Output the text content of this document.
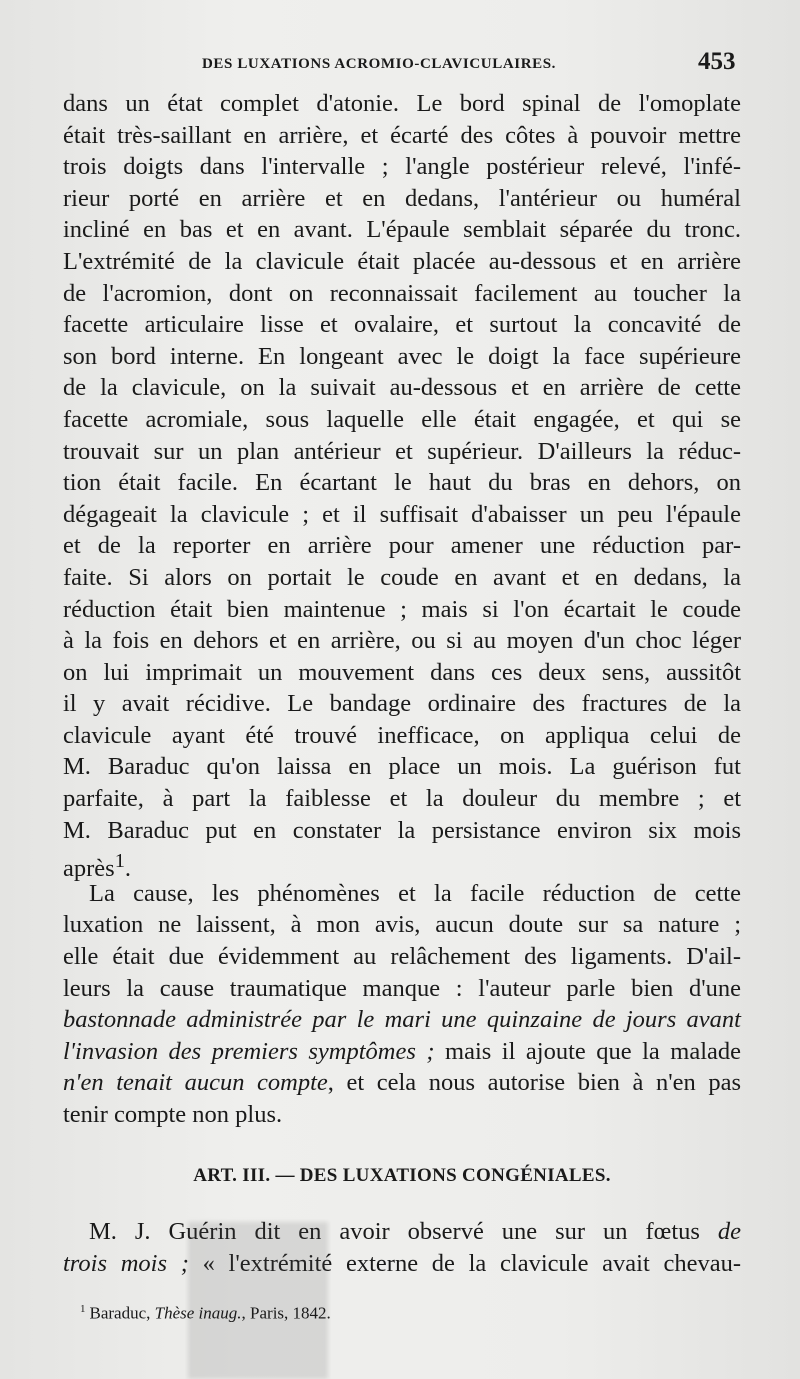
DES LUXATIONS ACROMIO-CLAVICULAIRES.	453
dans un état complet d'atonie. Le bord spinal de l'omoplate
était très-saillant en arrière, et écarté des côtes à pouvoir mettre
trois doigts dans l'intervalle ; l'angle postérieur relevé, l'infé-
rieur porté en arrière et en dedans, l'antérieur ou huméral
incliné en bas et en avant. L'épaule semblait séparée du tronc.
L'extrémité de la clavicule était placée au-dessous et en arrière
de l'acromion, dont on reconnaissait facilement au toucher la
facette articulaire lisse et ovalaire, et surtout la concavité de
son bord interne. En longeant avec le doigt la face supérieure
de la clavicule, on la suivait au-dessous et en arrière de cette
facette acromiale, sous laquelle elle était engagée, et qui se
trouvait sur un plan antérieur et supérieur. D'ailleurs la réduc-
tion était facile. En écartant le haut du bras en dehors, on
dégageait la clavicule ; et il suffisait d'abaisser un peu l'épaule
et de la reporter en arrière pour amener une réduction par-
faite. Si alors on portait le coude en avant et en dedans, la
réduction était bien maintenue ; mais si l'on écartait le coude
à la fois en dehors et en arrière, ou si au moyen d'un choc léger
on lui imprimait un mouvement dans ces deux sens, aussitôt
il y avait récidive. Le bandage ordinaire des fractures de la
clavicule ayant été trouvé inefficace, on appliqua celui de
M. Baraduc qu'on laissa en place un mois. La guérison fut
parfaite, à part la faiblesse et la douleur du membre ; et
M. Baraduc put en constater la persistance environ six mois
après$^1$.
La cause, les phénomènes et la facile réduction de cette
luxation ne laissent, à mon avis, aucun doute sur sa nature ;
elle était due évidemment au relâchement des ligaments. D'ail-
leurs la cause traumatique manque : l'auteur parle bien d'une
bastonnade administrée par le mari une quinzaine de jours avant
l'invasion des premiers symptômes ; mais il ajoute que la malade
n'en tenait aucun compte, et cela nous autorise bien à n'en pas
tenir compte non plus.
ART. III. — DES LUXATIONS CONGÉNIALES.
M. J. Guérin dit en avoir observé une sur un fœtus de
trois mois ; « l'extrémité externe de la clavicule avait chevau-
$^1$ Baraduc, Thèse inaug., Paris, 1842.
